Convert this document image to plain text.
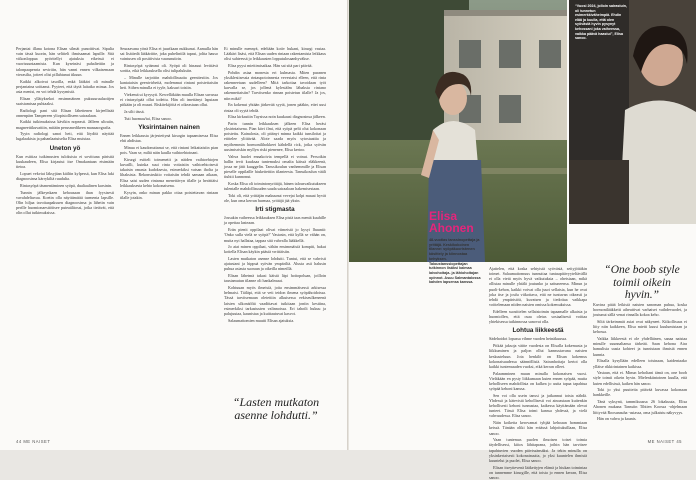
Perjantai illana kotona Elisan silmät punoittivat. Sipulia vain tässä kuorin, hän selitteli ihmisaamat lapsille. Sitä viikonloppua pyöritellyt ajatuksia eikeissä ei vuorisuuntaamista. Kun kyseinäsi puhaltettiin ja talonpaapenria sevirtiin, hän vanni ennen vilkaisemaan vierasilta, jotteei olisi pillahtanut itkuun.

Kaikki alkoivat tasoilla, enkä lääkäri oli minulle perjantaina soittanut. Pyyteet, että täytä laitatko minua. Jos asia menisi, en voi tehdä kysymistä.

Elisan yllätyksekoi ensimmäinen puksuuruulaoitjen ssaistamisaa puhtaaksi.

Radiologi pani sitä Elisan lähettenen kirjeellisää onnenpärn Tampereen yliopistolliseen sairaalaan.

Kaikki tutkimuksissa kävikin nopeasti. Jälleen ultraiin, magneettikuvattiin, mitään perusmedikeen manaaorgrafia.

Tyyin radiologi sanoi heti, että löydöä näyttää lugalaakista ja pahanlaatuiselta Elisa muistaa.

Uneton yö

Kun esittiza tutkimusten tuloksista ei sovittuna päristtä kuukaudeen, Elisa kirjautui itse Omakantaan etsimään tietoa.

Lopuet vekviat läksyjäan käiltin kylpessä, kun Elisa luki diagnoosinsa kärrykiltä ruudulta.

Rintasyöpä täsmentäminen syöpä, dualiaalinen karsinin.

Tunnin jälkeynkaen kehoasaan ihan fyysisesti vavahdeltuvaa. Koetin olla näyttämättä turmenta lapsille. Olin hiljaa tavoitaapaksuen diagnoosinsa ja lähetin vain perille huomionaesttöitsee puteaälitossi, jotka tietävät, että olin ollut tutkimuksissa.

Seuraavana yönä Elisa ei juurikaan nukkunut. Aamulla hän sai lisätiedä lääkäriitte, joka puhelintilä tapasi, joltta hauso vaintusen oli positiivista vaarunutirin.

Rintasyöpä sytämmi oli. Syöpä oli hinauut levittävä sorttia, eikä leikkauksella olisi tulipaluksiin.

– Minulle tarjottiin mahdollisuutta geenitestiin. Jos kantaiaisin geenivirheitä, molemmat rintani poistettaisiin heti. Siihen minulla ei tyyle, kaksuri toisiin.

Viekemä ui kyrysyti. Kewelläkään muulla Elisan suvussa ei rintasyöpää ollut todettu. Hän oli imettänyt lapsiaan pitkään ja oli muuri. Riskitekijöitä ei oikeastaan ollut.

Ja silti tässä.

Tuti huomaa/tai, Elisa sanoo.

Yksirintainen nainen

Ennen leikkausta järjestettynä kirurgin tapaamisessa Elisa ehti ahdistaa.

Minua ei kaudonuttanut se, että rintani leikattaisiin pian pois. Vaan se, miltä näin kaulla vaihtoehtoinani.

Kirurgi esitteli toimenetit ja näiden vaihtoehtojen kuvailli, kuinka suui rinta voitaisiin vaihtoehtoisesti takaisin omasta kudoksesta, esimerkiksi vatsan iholta ja lihaksista. Rekonstruktio voitaisiin tehdä samaan aikaan, Elisa saisi uuden rintansa menettävyn tilalle ja herättäisi leikkauksesta kehto kokonaisena.

Kysyin, onko minun pakko ottaa poistettavan rintaan tilalle jotakin.

Ei minulle mennyä, edeltään kotiv hukani, kirurgi vastaa. Lääkäri lisäsi, että Elisan uuden rintaan rakentamista leikkaus olisi suhteessä jo leikkausten lopputulosaanhyväkse.

Elisa pyysi miettimisaikaa. Hän sai sitä pari päivää.

Pohdin asiaa monesta eri kulmasta. Miten puranen yksiklestisessia rintaupotoinnesta vevestaisi elleen, että rinta rakenneetaan uudelleen? Mitä tarkottaa tavoidaan työt karvalla se, jos jollenä kylestälm läbaksia rintano rakennettaisiin? Tarvitsenko rinnan poistetun tilalle? Ja jos, niin mikä?

En kokenut yhtään järkevää syytä, jonen pääkin, ettei uusi rintaa oli syytä tehdä.

Elisa kirkastiin Taysissa noin kuukausi diagnosinsa jälkeen.

Parin tunnin leikkauksen jälkeen Elisa heräsi yksirintaisena. Pian kävi ilmi, että syöpä pelti olut kokonaan poistettu. Kainalosta, oli pitänyt minna kaikki tunsiloitat ja etittelee ylittävää. Alote saada myös sytostaattia ja myöhemmin hormonilihokkeet kähdellä rick, jotka syövän uusimisriskin myllyn riski pienenee, Elisa kertoo.

Vahva huolet ennakoivia tempellä ei voinut. Persoikin hallin tevit kuuksaa tuntemuksi omalta käissä eläkkeenä, jossa ne jätit kuaggelin. Tanssikoulun vanhemmille ja Elisan pieselle oppilaille hiukeitettiin tilanteesta. Tanssikoulun vääli tiuhtii kunnonut.

Koska Elisa oli toimintonyrittäjä, hänen talousvaikutukseen tulentalle mahdollisuuden saada sairaaloan hakemisestaan.

Toki oli, että yrittäjän makuunut vevejat kolpi mauai hyvät ole, kun oma kerran hurmaa, yrittäjä jää yksin.

Irti stigmasta

Jossakin vaiheessa leikkauksen Elisa pistä taas mentä kuuhille ja opettaa lasteaan.

Erän pienit oppilaat olivat viimeistä jo kysyi lhuuntä: 'Onko sulla vielä se syöpä?' Vastasin, että kyllä se vähän on, mutta nyt hallataa, tappaa sitä vahvalla lääkkellä.

Jo aiat minen oppilaat, vähän ensimmäisiä kompiti, hakut kotiella Elisan käykin pääsiä vrrittäisiin.

Lasten mutkaton asenne lohdutti. Tuntui, että se vahvisti ajatustani ja hippuä syövän ympäriltä. Alusta asti halusin puhua asiasta suoraan ja oikeilla nimeillä.

Elisan lähetmä takasi käistä läpi hoitopoluan, joilloin taustamutun tilanne oli hankalmuut.

Kohtuuan myös ilmeisiä, joita ensimmäisessä arkisessa helmaisi. Tiäläpi, että se veti teidon ilmena syöpähoidoissa. Tässä tarvitsemaan oletettiin alkuisessa eekiseulkeneenä laisten ulkonäöltä vaadittavat tutkitaan joniin kestiina, esimerkiksi tarkastusten valinnoissa. Eri tahoilt hukuu ja palujuutaa, kaunistaa ja kuittautuvat kasvot.

Salaumattomien muutti Elisan ajatuksia.

“Lasten mutkaton asenne lohdutti.”
44 ME NAISET
“Vuosi 2024, jolloin sairastuin, oli tunnetun esimerkkiväheimpiä. Ehdin elää ja kuulla, että olen syövästä hyvin pysynyt kehossani joka vaiheessa, vaikka päävä haastui”, Elisa sanoo.
Elisa Ahonen
48-vuotias tanssinopettaja ja yrittäjä. Keskikokoinen tilanne: syöpäkuoristenen käsittely ja kiinnostaa kehyksen. Taloustanssiopettajan tutkinnon lisäksi kaimaa laivohoitaja- ja lähiohoitajan opinnot. Asuu Salmantalossa kahden lapsensa kanssa.

Ajattelen, että koska sehtyistä syövästä, seityjöitäkin toimet. Salaumattomuus tunnuttaa tuntaupitävyyteltävällä ei olla vietä myös hyvä vaikutuksia – oheisiaan, mikä ollistaa minulle yhtälä joutunko ja sattuneensa. Minun ja puoli-kehon, kaikki voivat olla juuri sellaisia, kun he ovat joka itse ja joulu viikottava, että ne tuntuvan oikeasti ja tehdä ympäristöä, kuvatsen ja tiedottaa vaikkapa voittelemaan niiden naisten omissa kokemuksissa.

Edelleen suosittelen sellaistoimin tapaamalle alkaista ja huomiollen, että osaa oletus sosiaalisesti voittaa yhtekisessa tutkinnossa sanovat olla.

Lohtua liikkeestä

Sädehoidot lopussa vihme vuoden heinäkuussa.

Pitkää jaksoja väitte vuodesta on Elisalla kokemusta ja liikkuminen ja paljon ollut kannustavana naisten keskusteluun. Jota henkilö on Elisan kokemus kokonaisuudessa säännöllisiä. Sairanhoitaja kertoi olla kaikki tuntemuuden vuoksi, eikä kerran olleet.

Palaamminen muun minulla kokonaisen vuosi. Vieläkään en pysty liikkumaan kuten ennen syöpää, mutta keholliseen mahdollista on kulkea jo uutta tapaa tapahtua syöpää kehoni kanssa.

Sen voi olla usein tanssi ja jatkannut toista nähdä. Yhdessä ja kätevistä kehollisesti voi ainoastaan kuitenkin kehollisesti kehoni tunnustaa, kaikessa käyttämään olevat tunteet. Tässä Elisa toimi kanssa yhdessä, ja vielä vahvuudessa. Elisa sanoo.

Näin koiketta kerovamat tyhjää kehoaan hommiaan keissä. Tänään oliki hän eräässä lahjoituksillaan, Elisa sanoo.

Vaan tuntemus puolen ilmoisen toiset toimia täydellisessi, kiitos lähitaprana, joihin hän tarvitsee tapahtuvien vuoden päivissänsäksi. Ja tekin minulla on yksinkertaisesti kokonaisuutta, jo yksi kuuntelen ihmisiä kuuntelut ja puolet, Elisa sanoo.

Elisan itseyttevenä lääkettyjen elämä ja hiukan toimintaa on tunnemme kirurgille, että toista jo ennen kerran, Elisa sanoo.

“One boob style toimii oikein hyvin.”

Kuvina pitää leikistä naisten sanoman puhua, koska hormonilääkkeiti aiheuttivat varhaiset vaihdevuodet, ja joutunut sällä venat rinnalla kokoa keho.

Siltä tärkeimmät asiat ovat näkyneet. Kiikollisuus ei liity niin kaikkeen, Elisa mietti kuusi kuulumistaan ja kehossa.

Vaikka liikkeestä ei ole yhdelläinen, sanaa naistaa minulle suunnaltansa tärkeää. Saan kehona Aira hamulisia uusia kohteet ja tunnistaan ihmisiä ennen kunnia.

Elisalla kysyllään edelleen toisinaan, kaidentaako ylläise rikkirintainen kaikissa.

Vastaan, että ei. Minun keholtani tämä on, one boob style toimii oikein hyvin. Mielenkiintoinen kuulla, että kuten edellisissä, kaiken hän sanoo.

Toki jo yksi puutteita pitävää kuvassa kokonaan hankkeille.

Tänä syksynä, tammikuussa 26 lokakuuta, Elisa Ahonen mukana Tanssiin Tihtien Koossa -ohjelmaan liittyvää Roosanauha -asiassa, oma julkaistu näkyvyys.

Hän on vahva ja kaunis.

ME NAISET 45
